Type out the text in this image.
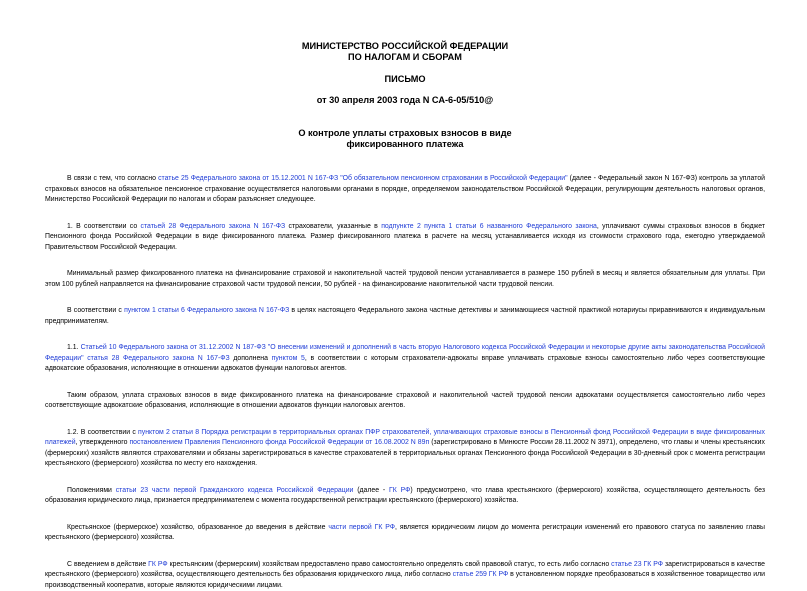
МИНИСТЕРСТВО РОССИЙСКОЙ ФЕДЕРАЦИИ
ПО НАЛОГАМ И СБОРАМ
ПИСЬМО
от 30 апреля 2003 года N СА-6-05/510@
О контроле уплаты страховых взносов в виде
фиксированного платежа

В связи с тем, что согласно статье 25 Федерального закона от 15.12.2001 N 167-ФЗ "Об обязательном пенсионном страховании в Российской Федерации" (далее - Федеральный закон N 167-ФЗ) контроль за уплатой страховых взносов на обязательное пенсионное страхование осуществляется налоговыми органами в порядке, определяемом законодательством Российской Федерации, регулирующим деятельность налоговых органов, Министерство Российской Федерации по налогам и сборам разъясняет следующее.

1. В соответствии со статьей 28 Федерального закона N 167-ФЗ страхователи, указанные в подпункте 2 пункта 1 статьи 6 названного Федерального закона, уплачивают суммы страховых взносов в бюджет Пенсионного фонда Российской Федерации в виде фиксированного платежа. Размер фиксированного платежа в расчете на месяц устанавливается исходя из стоимости страхового года, ежегодно утверждаемой Правительством Российской Федерации.

Минимальный размер фиксированного платежа на финансирование страховой и накопительной частей трудовой пенсии устанавливается в размере 150 рублей в месяц и является обязательным для уплаты. При этом 100 рублей направляется на финансирование страховой части трудовой пенсии, 50 рублей - на финансирование накопительной части трудовой пенсии.

В соответствии с пунктом 1 статьи 6 Федерального закона N 167-ФЗ в целях настоящего Федерального закона частные детективы и занимающиеся частной практикой нотариусы приравниваются к индивидуальным предпринимателям.

1.1. Статьей 10 Федерального закона от 31.12.2002 N 187-ФЗ "О внесении изменений и дополнений в часть вторую Налогового кодекса Российской Федерации и некоторые другие акты законодательства Российской Федерации" статья 28 Федерального закона N 167-ФЗ дополнена пунктом 5, в соответствии с которым страхователи-адвокаты вправе уплачивать страховые взносы самостоятельно либо через соответствующие адвокатские образования, исполняющие в отношении адвокатов функции налоговых агентов.

Таким образом, уплата страховых взносов в виде фиксированного платежа на финансирование страховой и накопительной частей трудовой пенсии адвокатами осуществляется самостоятельно либо через соответствующие адвокатские образования, исполняющие в отношении адвокатов функции налоговых агентов.

1.2. В соответствии с пунктом 2 статьи 8 Порядка регистрации в территориальных органах ПФР страхователей, уплачивающих страховые взносы в Пенсионный фонд Российской Федерации в виде фиксированных платежей, утвержденного постановлением Правления Пенсионного фонда Российской Федерации от 16.08.2002 N 89п (зарегистрировано в Минюсте России 28.11.2002 N 3971), определено, что главы и члены крестьянских (фермерских) хозяйств являются страхователями и обязаны зарегистрироваться в качестве страхователей в территориальных органах Пенсионного фонда Российской Федерации в 30-дневный срок с момента регистрации крестьянского (фермерского) хозяйства по месту его нахождения.

Положениями статьи 23 части первой Гражданского кодекса Российской Федерации (далее - ГК РФ) предусмотрено, что глава крестьянского (фермерского) хозяйства, осуществляющего деятельность без образования юридического лица, признается предпринимателем с момента государственной регистрации крестьянского (фермерского) хозяйства.

Крестьянское (фермерское) хозяйство, образованное до введения в действие части первой ГК РФ, является юридическим лицом до момента регистрации изменений его правового статуса по заявлению главы крестьянского (фермерского) хозяйства.

С введением в действие ГК РФ крестьянским (фермерским) хозяйствам предоставлено право самостоятельно определять свой правовой статус, то есть либо согласно статье 23 ГК РФ зарегистрироваться в качестве крестьянского (фермерского) хозяйства, осуществляющего деятельность без образования юридического лица, либо согласно статье 259 ГК РФ в установленном порядке преобразоваться в хозяйственное товарищество или производственный кооператив, которые являются юридическими лицами.
